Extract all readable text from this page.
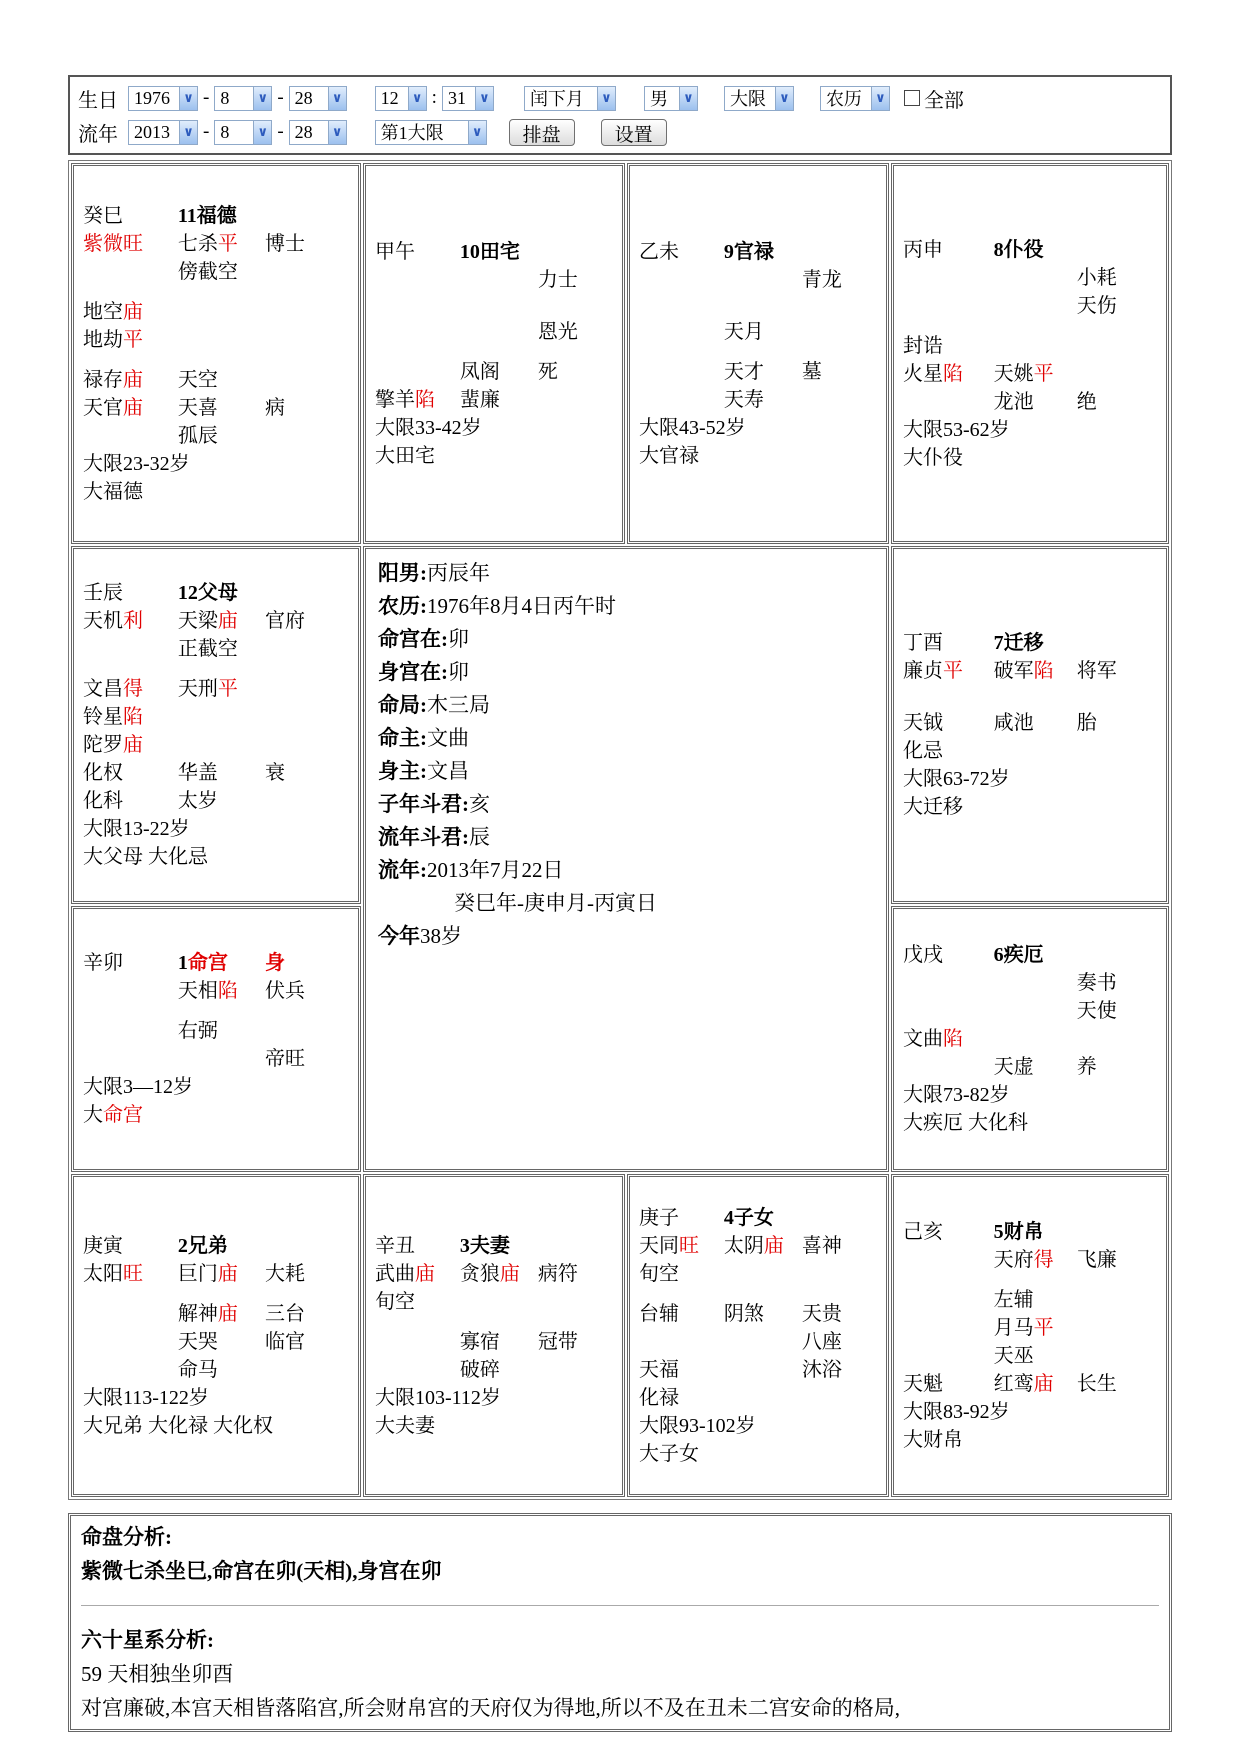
生日 1976	∨ - 8	∨ - 28	∨ 12	∨ : 31	∨ 闰下月	∨ 男	∨ 大限	∨ 农历	∨ 全部
流年 2013	∨ - 8	∨ - 28	∨ 第1大限	∨	排盘	设置
癸巳	11福德
紫微旺 七杀平 博士
傍截空
地空庙
地劫平
禄存庙 天空
天官庙 天喜 病
孤辰
大限23-32岁
大福德
甲午 10田宅
力士
恩光
凤阁 死
擎羊陷 蜚廉
大限33-42岁
大田宅
乙未 9官禄
青龙
天月
天才 墓
天寿
大限43-52岁
大官禄
丙申	8仆役
小耗
天伤
封诰
火星陷 天姚平
龙池 绝
大限53-62岁
大仆役
壬辰	12父母
天机利 天梁庙 官府
正截空
文昌得 天刑平
铃星陷
陀罗庙
化权	华盖 衰
化科	太岁
大限13-22岁
大父母 大化忌
阳男:丙辰年
农历:1976年8月4日丙午时
命宫在:卯
身宫在:卯
命局:木三局
命主:文曲
身主:文昌
子年斗君:亥
流年斗君:辰
流年:2013年7月22日
癸巳年-庚申月-丙寅日
今年38岁
丁酉	7迁移
廉贞平 破军陷 将军
天钺	咸池 胎
化忌
大限63-72岁
大迁移
辛卯	1命宫 身
天相陷 伏兵
右弼
帝旺
大限3—12岁
大命宫
戊戌	6疾厄
奏书
天使
文曲陷
天虚 养
大限73-82岁
大疾厄 大化科
庚寅	2兄弟
太阳旺 巨门庙 大耗
解神庙 三台
天哭 临官
命马
大限113-122岁
大兄弟 大化禄 大化权
辛丑 3夫妻
武曲庙 贪狼庙 病符
旬空
寡宿 冠带
破碎
大限103-112岁
大夫妻
庚子 4子女
天同旺 太阴庙 喜神
旬空
台辅 阴煞 天贵
八座
天福	沐浴
化禄
大限93-102岁
大子女
己亥	5财帛
天府得 飞廉
左辅
月马平
天巫
天魁	红鸾庙 长生
大限83-92岁
大财帛
命盘分析:
紫微七杀坐巳,命宫在卯(天相),身宫在卯
六十星系分析:
59 天相独坐卯酉
对宫廉破,本宫天相皆落陷宫,所会财帛宫的天府仅为得地,所以不及在丑未二宫安命的格局,
